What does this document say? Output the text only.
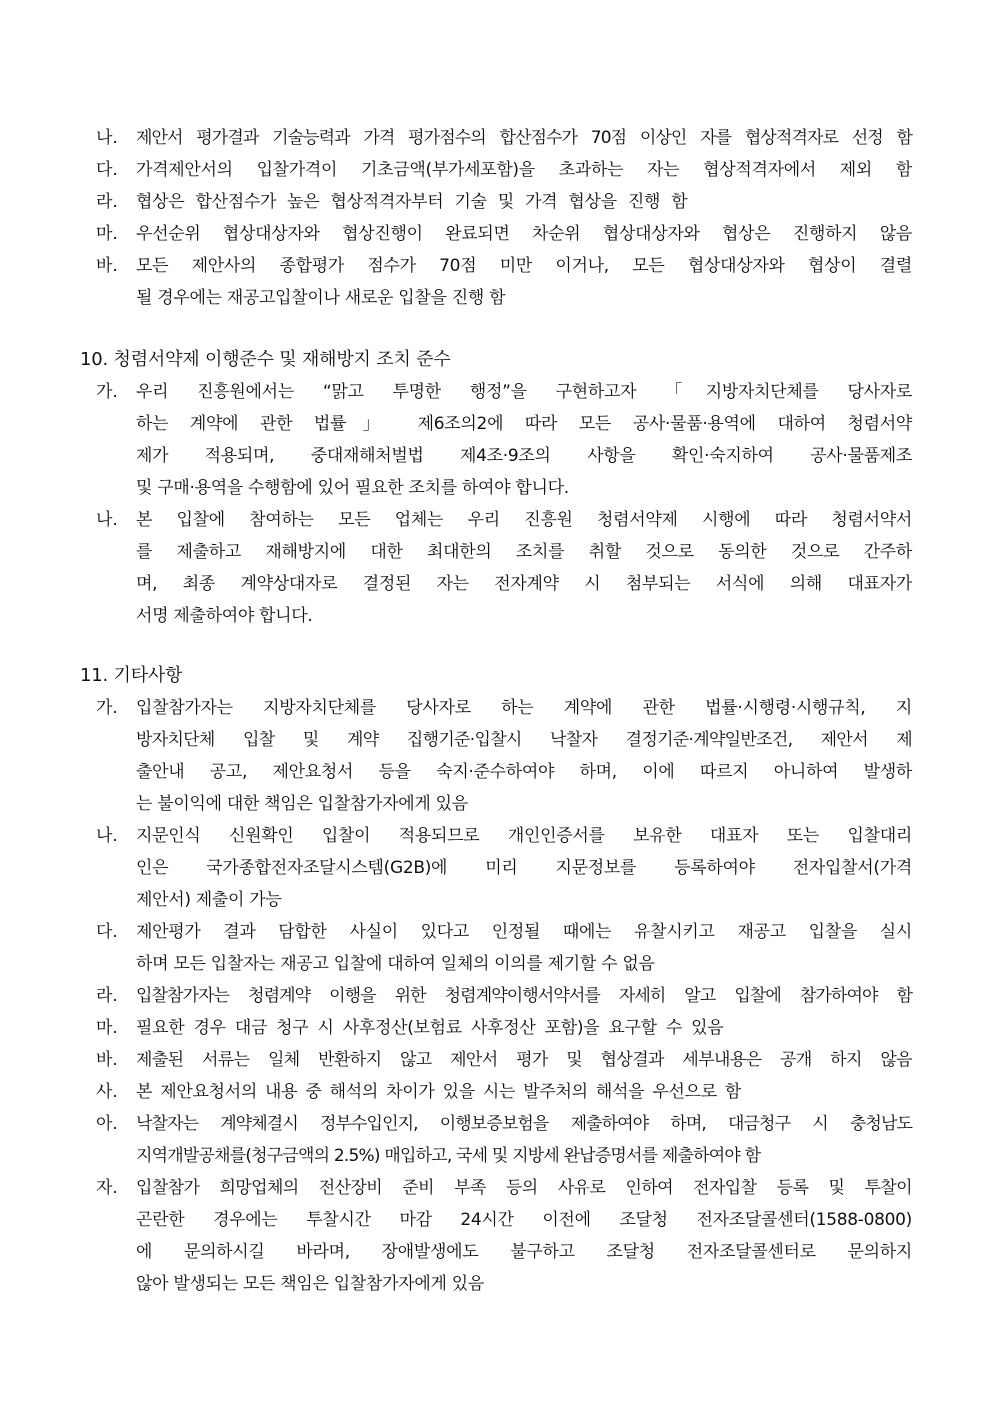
나.	제안서 평가결과 기술능력과 가격 평가점수의 합산점수가 70점 이상인 자를 협상적격자로 선정 함
다.	가격제안서의 입찰가격이 기초금액(부가세포함)을 초과하는 자는 협상적격자에서 제외 함
라.	협상은 합산점수가 높은 협상적격자부터 기술 및 가격 협상을 진행 함
마.	우선순위 협상대상자와 협상진행이 완료되면 차순위 협상대상자와 협상은 진행하지 않음
바.	모든 제안사의 종합평가 점수가 70점 미만 이거나, 모든 협상대상자와 협상이 결렬
될 경우에는 재공고입찰이나 새로운 입찰을 진행 함
10. 청렴서약제 이행준수 및 재해방지 조치 준수
가.	우리 진흥원에서는 “맑고 투명한 행정”을 구현하고자 「지방자치단체를 당사자로
하는 계약에 관한 법률」 제6조의2에 따라 모든 공사·물품·용역에 대하여 청렴서약
제가 적용되며, 중대재해처벌법 제4조·9조의 사항을 확인·숙지하여 공사·물품제조
및 구매·용역을 수행함에 있어 필요한 조치를 하여야 합니다.
나.	본 입찰에 참여하는 모든 업체는 우리 진흥원 청렴서약제 시행에 따라 청렴서약서
를 제출하고 재해방지에 대한 최대한의 조치를 취할 것으로 동의한 것으로 간주하
며, 최종 계약상대자로 결정된 자는 전자계약 시 첨부되는 서식에 의해 대표자가
서명 제출하여야 합니다.
11. 기타사항
가.	입찰참가자는 지방자치단체를 당사자로 하는 계약에 관한 법률·시행령·시행규칙, 지
방자치단체 입찰 및 계약 집행기준·입찰시 낙찰자 결정기준·계약일반조건, 제안서 제
출안내 공고, 제안요청서 등을 숙지·준수하여야 하며, 이에 따르지 아니하여 발생하
는 불이익에 대한 책임은 입찰참가자에게 있음
나.	지문인식 신원확인 입찰이 적용되므로 개인인증서를 보유한 대표자 또는 입찰대리
인은 국가종합전자조달시스템(G2B)에 미리 지문정보를 등록하여야 전자입찰서(가격
제안서) 제출이 가능
다.	제안평가 결과 담합한 사실이 있다고 인정될 때에는 유찰시키고 재공고 입찰을 실시
하며 모든 입찰자는 재공고 입찰에 대하여 일체의 이의를 제기할 수 없음
라.	입찰참가자는 청렴계약 이행을 위한 청렴계약이행서약서를 자세히 알고 입찰에 참가하여야 함
마.	필요한 경우 대금 청구 시 사후정산(보험료 사후정산 포함)을 요구할 수 있음
바.	제출된 서류는 일체 반환하지 않고 제안서 평가 및 협상결과 세부내용은 공개 하지 않음
사.	본 제안요청서의 내용 중 해석의 차이가 있을 시는 발주처의 해석을 우선으로 함
아.	낙찰자는 계약체결시 정부수입인지, 이행보증보험을 제출하여야 하며, 대금청구 시 충청남도
지역개발공채를(청구금액의 2.5%) 매입하고, 국세 및 지방세 완납증명서를 제출하여야 함
자.	입찰참가 희망업체의 전산장비 준비 부족 등의 사유로 인하여 전자입찰 등록 및 투찰이
곤란한 경우에는 투찰시간 마감 24시간 이전에 조달청 전자조달콜센터(1588-0800)
에 문의하시길 바라며, 장애발생에도 불구하고 조달청 전자조달콜센터로 문의하지
않아 발생되는 모든 책임은 입찰참가자에게 있음
